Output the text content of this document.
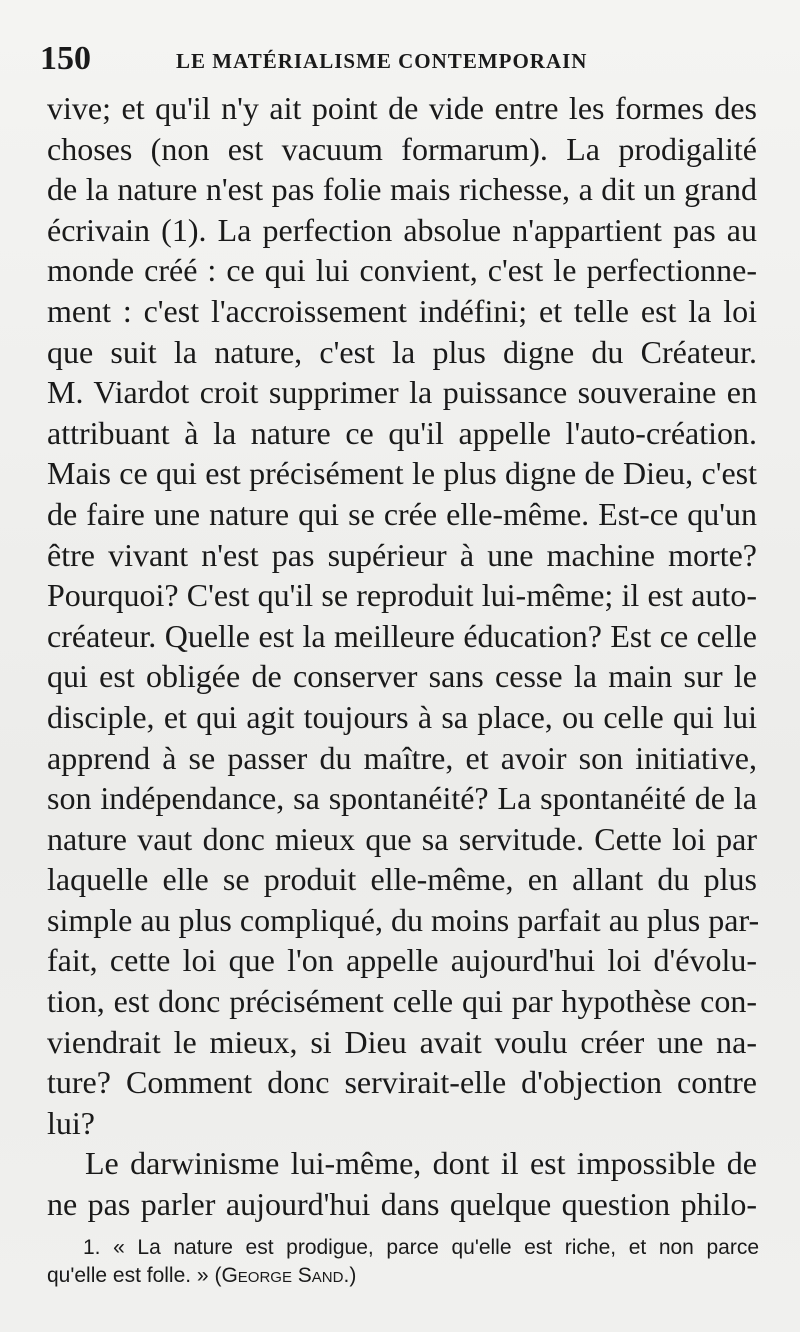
150	LE MATÉRIALISME CONTEMPORAIN
vive; et qu'il n'y ait point de vide entre les formes des
choses (non est vacuum formarum). La prodigalité
de la nature n'est pas folie mais richesse, a dit un grand
écrivain (1). La perfection absolue n'appartient pas au
monde créé : ce qui lui convient, c'est le perfectionne-
ment : c'est l'accroissement indéfini; et telle est la loi
que suit la nature, c'est la plus digne du Créateur.
M. Viardot croit supprimer la puissance souveraine en
attribuant à la nature ce qu'il appelle l'auto-création.
Mais ce qui est précisément le plus digne de Dieu, c'est
de faire une nature qui se crée elle-même. Est-ce qu'un
être vivant n'est pas supérieur à une machine morte?
Pourquoi? C'est qu'il se reproduit lui-même; il est auto-
créateur. Quelle est la meilleure éducation? Est ce celle
qui est obligée de conserver sans cesse la main sur le
disciple, et qui agit toujours à sa place, ou celle qui lui
apprend à se passer du maître, et avoir son initiative,
son indépendance, sa spontanéité? La spontanéité de la
nature vaut donc mieux que sa servitude. Cette loi par
laquelle elle se produit elle-même, en allant du plus
simple au plus compliqué, du moins parfait au plus par-
fait, cette loi que l'on appelle aujourd'hui loi d'évolu-
tion, est donc précisément celle qui par hypothèse con-
viendrait le mieux, si Dieu avait voulu créer une na-
ture? Comment donc servirait-elle d'objection contre
lui?
Le darwinisme lui-même, dont il est impossible de
ne pas parler aujourd'hui dans quelque question philo-
1. « La nature est prodigue, parce qu'elle est riche, et non parce
qu'elle est folle. » (George Sand.)
